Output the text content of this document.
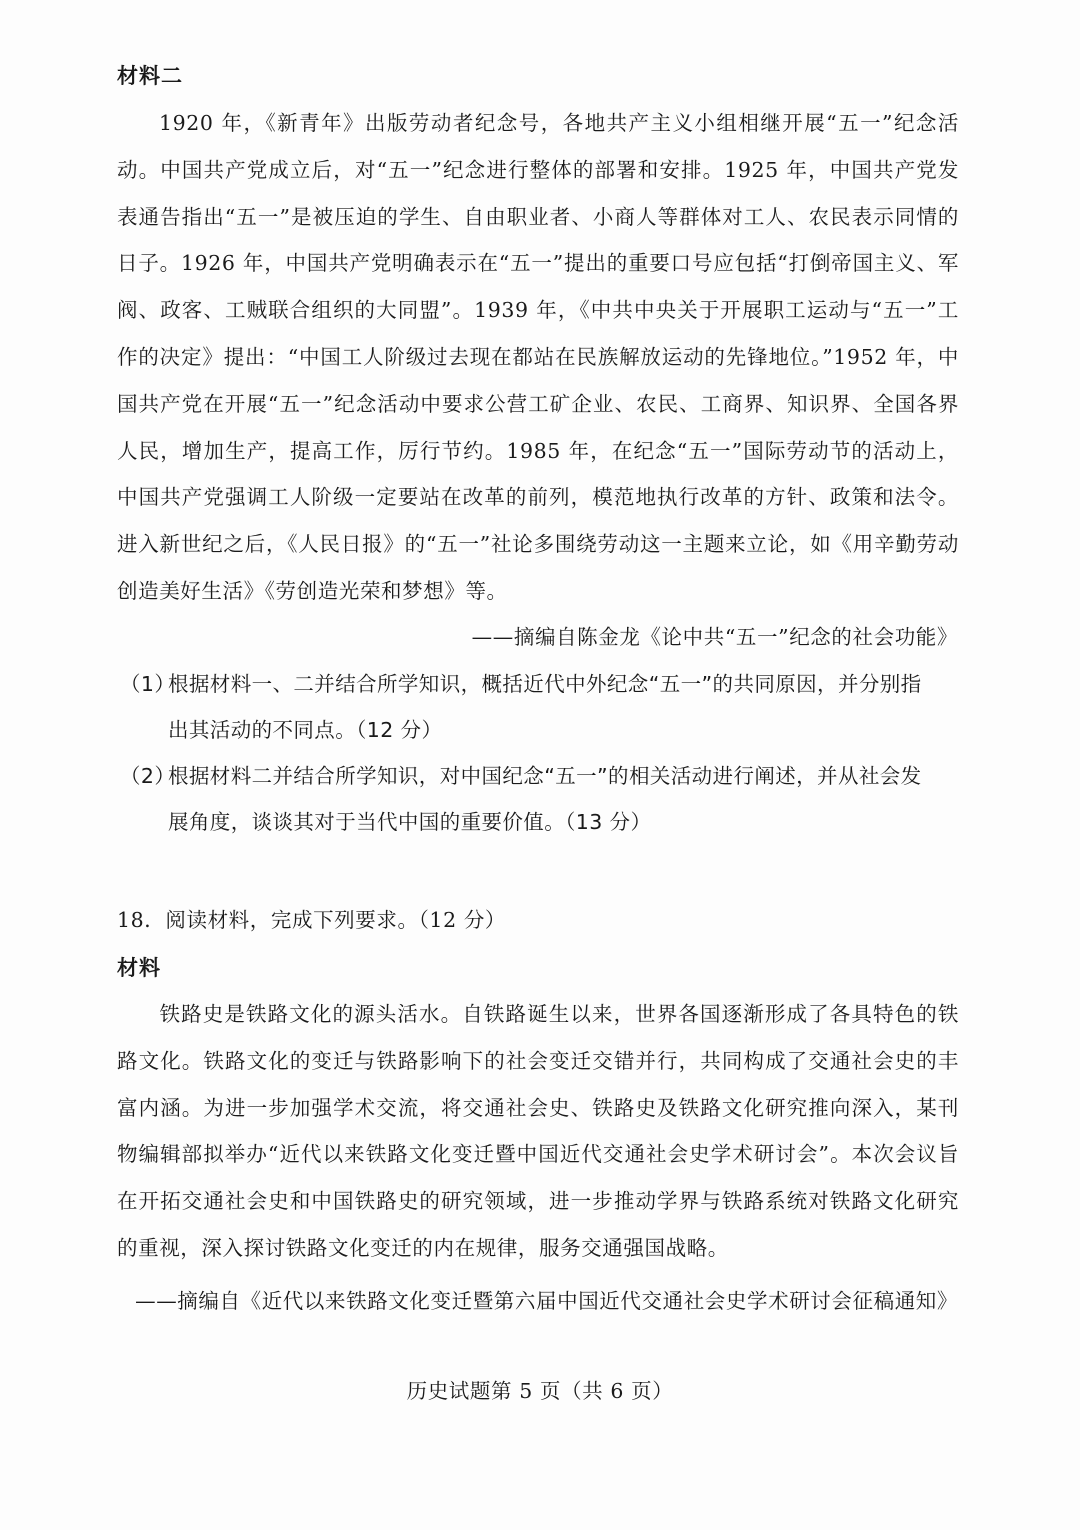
材料二

1920 年，《新青年》出版劳动者纪念号，各地共产主义小组相继开展“五一”纪念活动。中国共产党成立后，对“五一”纪念进行整体的部署和安排。1925 年，中国共产党发表通告指出“五一”是被压迫的学生、自由职业者、小商人等群体对工人、农民表示同情的日子。1926 年，中国共产党明确表示在“五一”提出的重要口号应包括“打倒帝国主义、军阀、政客、工贼联合组织的大同盟”。1939 年，《中共中央关于开展职工运动与“五一”工作的决定》提出：“中国工人阶级过去现在都站在民族解放运动的先锋地位。”1952 年，中国共产党在开展“五一”纪念活动中要求公营工矿企业、农民、工商界、知识界、全国各界人民，增加生产，提高工作，厉行节约。1985 年，在纪念“五一”国际劳动节的活动上，中国共产党强调工人阶级一定要站在改革的前列，模范地执行改革的方针、政策和法令。进入新世纪之后，《人民日报》的“五一”社论多围绕劳动这一主题来立论，如《用辛勤劳动创造美好生活》《劳创造光荣和梦想》等。

——摘编自陈金龙《论中共“五一”纪念的社会功能》

（1）根据材料一、二并结合所学知识，概括近代中外纪念“五一”的共同原因，并分别指
出其活动的不同点。（12 分）
（2）根据材料二并结合所学知识，对中国纪念“五一”的相关活动进行阐述，并从社会发
展角度，谈谈其对于当代中国的重要价值。（13 分）

18．阅读材料，完成下列要求。（12 分）

材料

铁路史是铁路文化的源头活水。自铁路诞生以来，世界各国逐渐形成了各具特色的铁路文化。铁路文化的变迁与铁路影响下的社会变迁交错并行，共同构成了交通社会史的丰富内涵。为进一步加强学术交流，将交通社会史、铁路史及铁路文化研究推向深入，某刊物编辑部拟举办“近代以来铁路文化变迁暨中国近代交通社会史学术研讨会”。本次会议旨在开拓交通社会史和中国铁路史的研究领域，进一步推动学界与铁路系统对铁路文化研究的重视，深入探讨铁路文化变迁的内在规律，服务交通强国战略。

——摘编自《近代以来铁路文化变迁暨第六届中国近代交通社会史学术研讨会征稿通知》

历史试题第 5 页（共 6 页）
